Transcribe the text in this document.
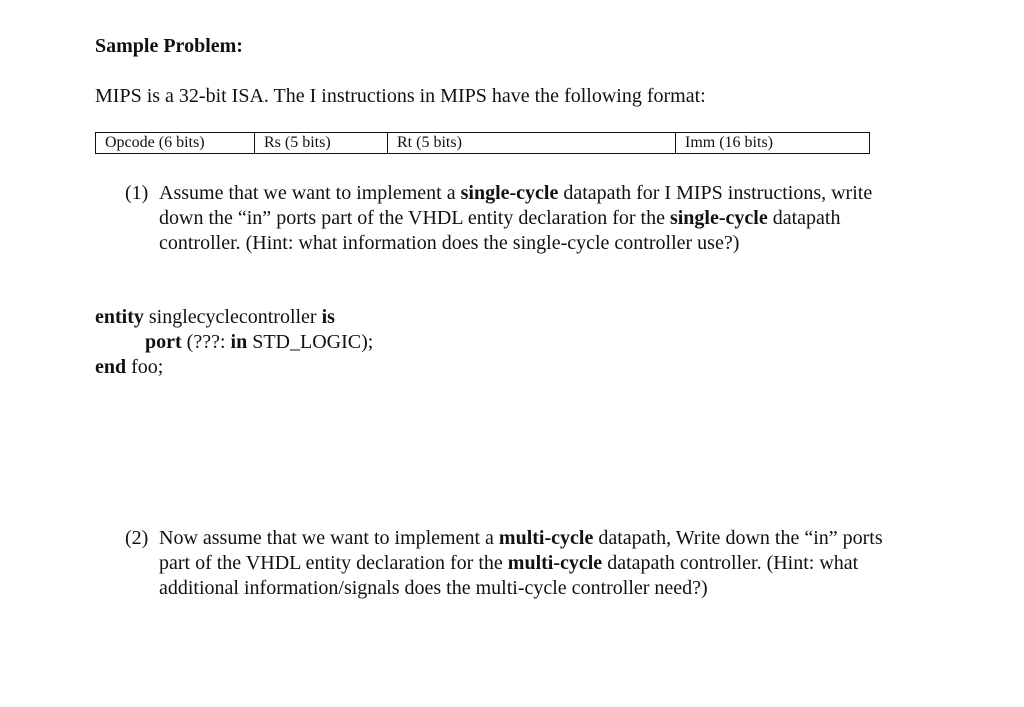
Sample Problem:
MIPS is a 32-bit ISA. The I instructions in MIPS have the following format:
Opcode (6 bits)	Rs (5 bits)	Rt (5 bits)	Imm (16 bits)
(1) Assume that we want to implement a single-cycle datapath for I MIPS instructions, write down the “in” ports part of the VHDL entity declaration for the single-cycle datapath controller. (Hint: what information does the single-cycle controller use?)
entity singlecyclecontroller is
port (???: in STD_LOGIC);
end foo;
(2) Now assume that we want to implement a multi-cycle datapath, Write down the “in” ports part of the VHDL entity declaration for the multi-cycle datapath controller. (Hint: what additional information/signals does the multi-cycle controller need?)
